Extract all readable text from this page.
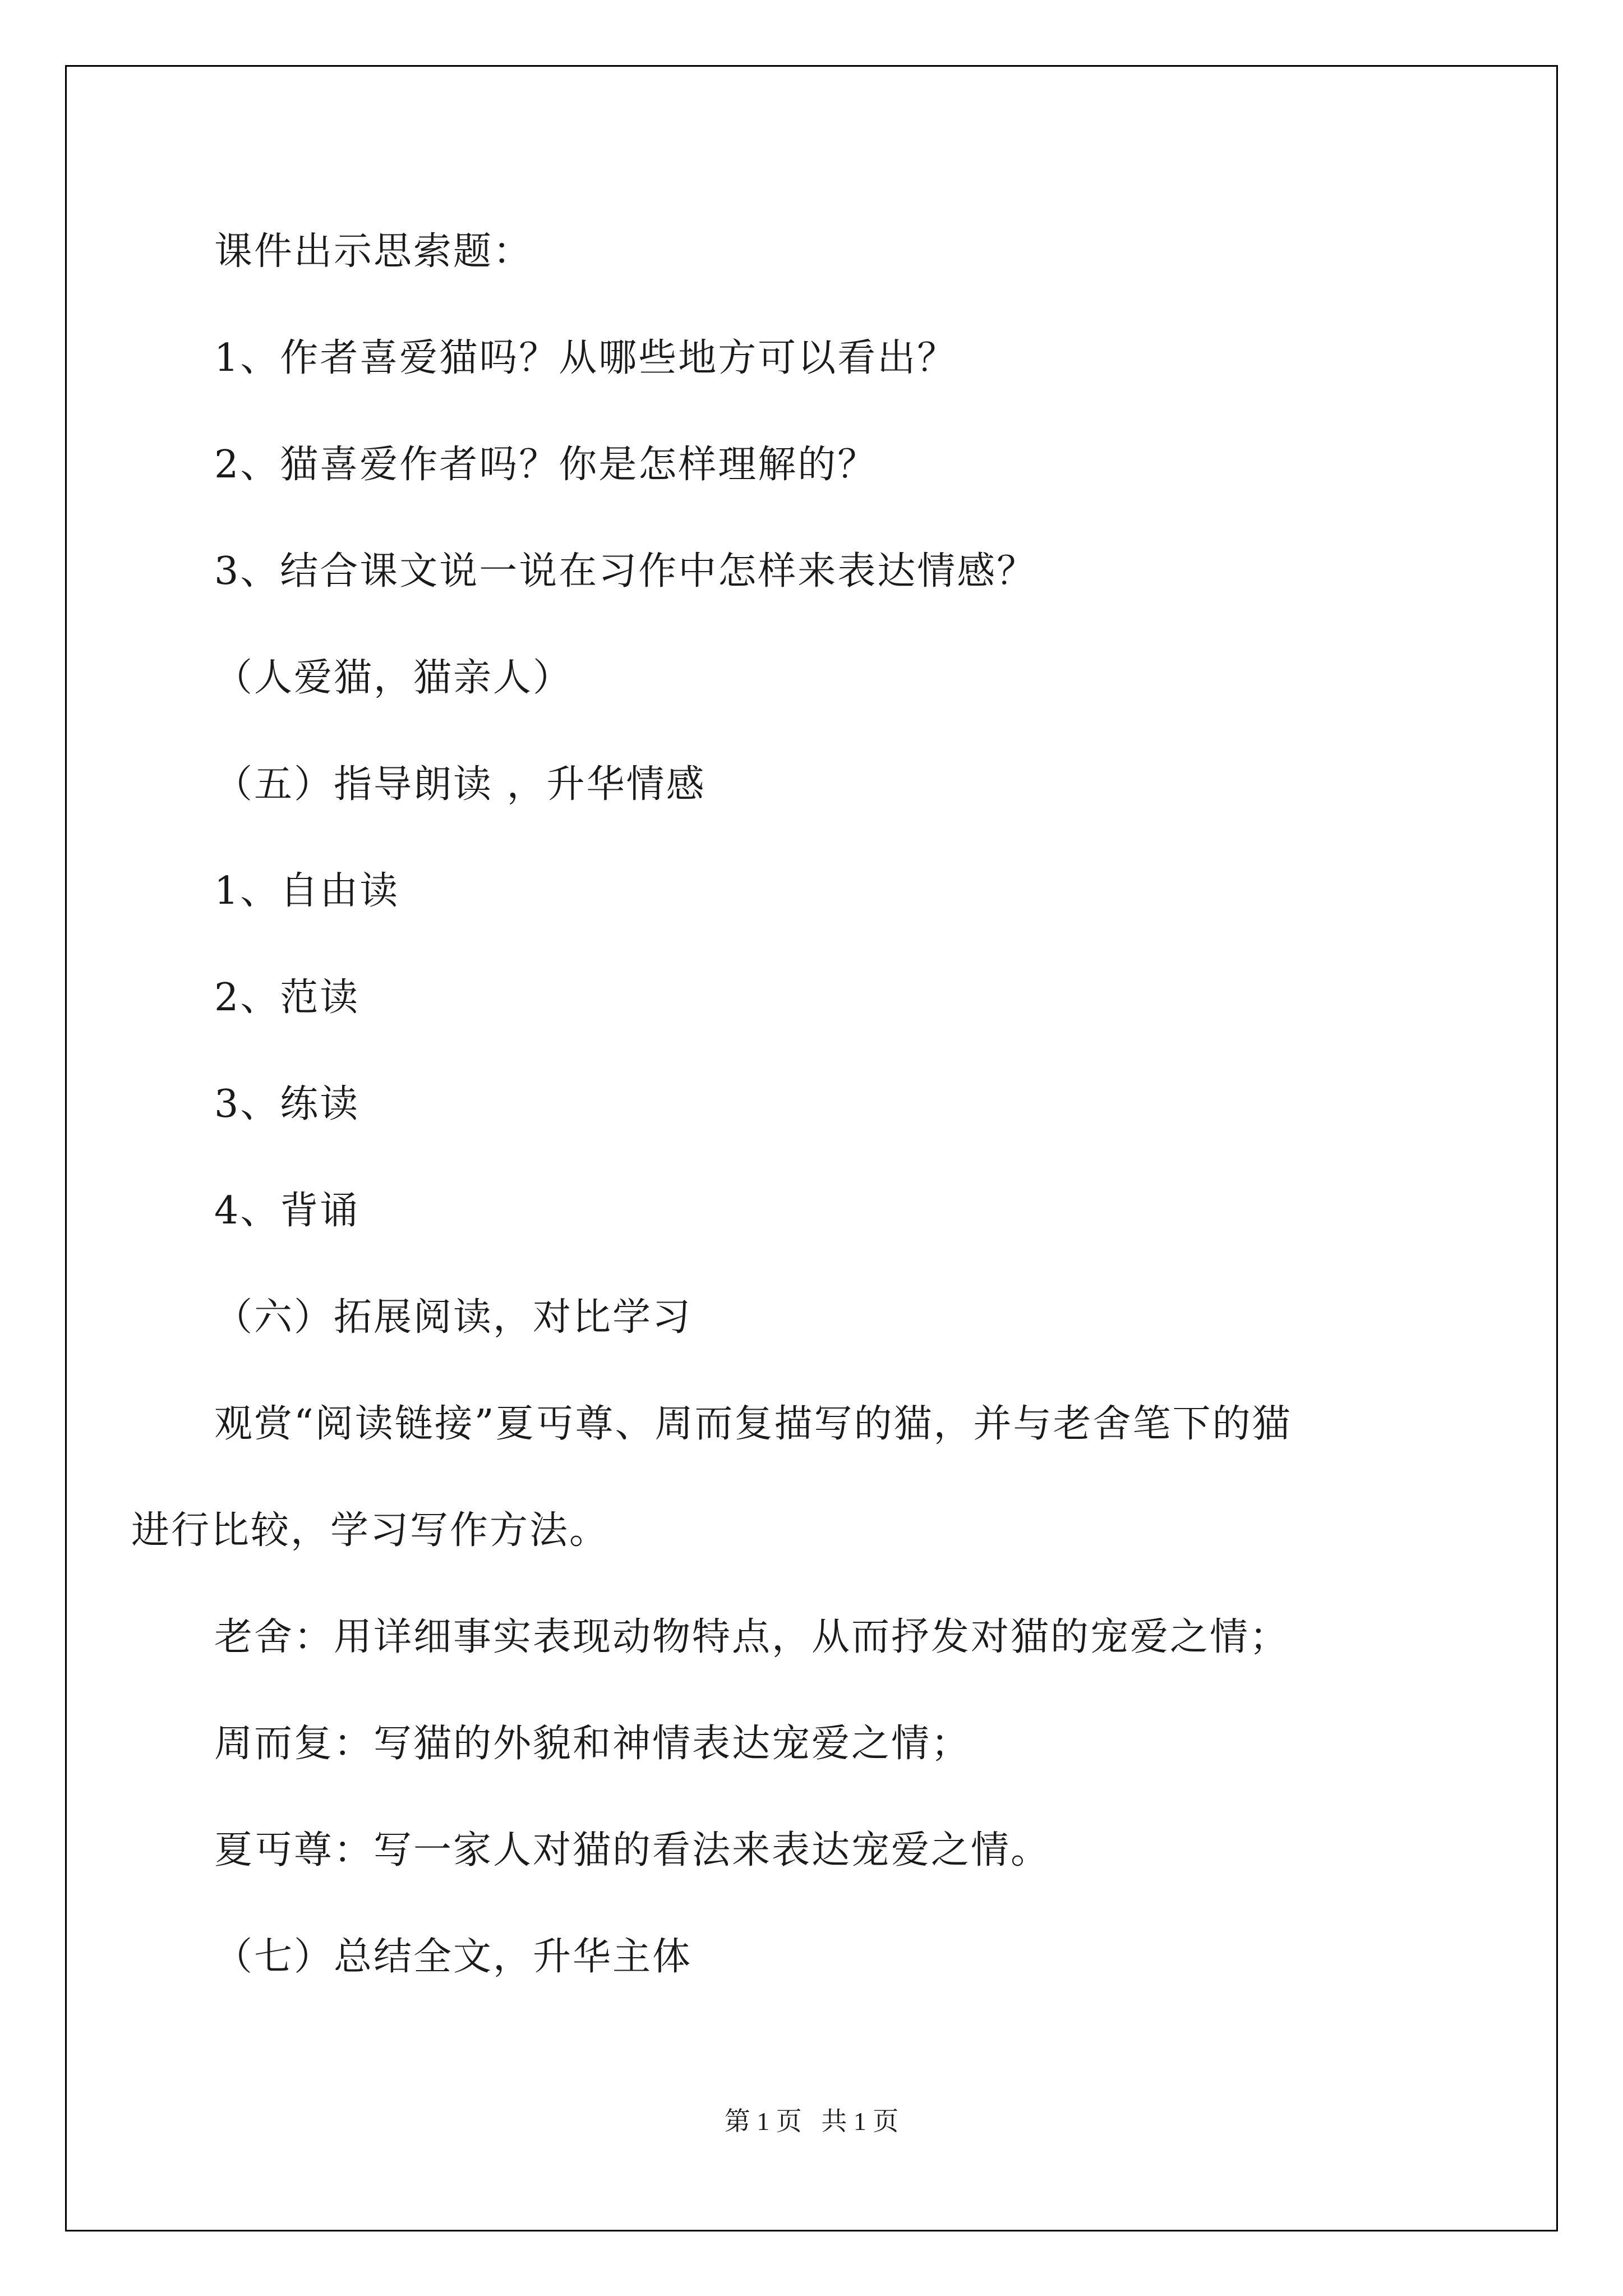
课件出示思索题：
1、作者喜爱猫吗？从哪些地方可以看出？
2、猫喜爱作者吗？你是怎样理解的？
3、结合课文说一说在习作中怎样来表达情感？
（人爱猫，猫亲人）
（五）指导朗读 ，升华情感
1、自由读
2、范读
3、练读
4、背诵
（六）拓展阅读，对比学习
观赏“阅读链接”夏丏尊、周而复描写的猫，并与老舍笔下的猫
进行比较，学习写作方法。
老舍：用详细事实表现动物特点，从而抒发对猫的宠爱之情；
周而复：写猫的外貌和神情表达宠爱之情；
夏丏尊：写一家人对猫的看法来表达宠爱之情。
（七）总结全文，升华主体
第 1 页   共 1 页
